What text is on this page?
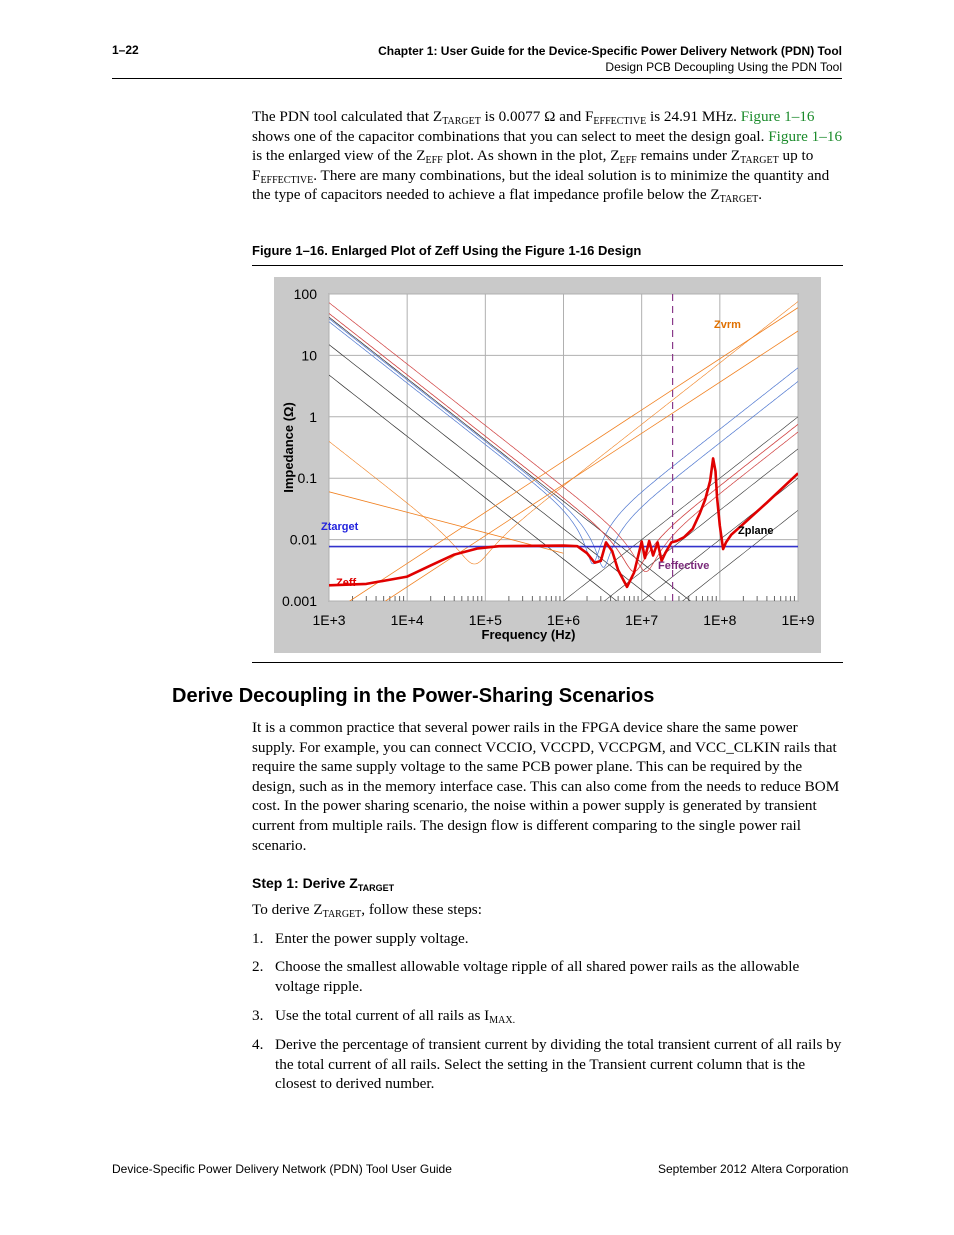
1–22	Chapter 1: User Guide for the Device-Specific Power Delivery Network (PDN) Tool
Design PCB Decoupling Using the PDN Tool
The PDN tool calculated that $Z_{TARGET}$ is 0.0077 Ω and $F_{EFFECTIVE}$ is 24.91 MHz. Figure 1–16 shows one of the capacitor combinations that you can select to meet the design goal. Figure 1–16 is the enlarged view of the $Z_{EFF}$ plot. As shown in the plot, $Z_{EFF}$ remains under $Z_{TARGET}$ up to $F_{EFFECTIVE}$. There are many combinations, but the ideal solution is to minimize the quantity and the type of capacitors needed to achieve a flat impedance profile below the $Z_{TARGET}$.
Figure 1–16. Enlarged Plot of Zeff Using the Figure 1-16 Design
1E+3	1E+4	1E+5	1E+6	1E+7	1E+8	1E+9
100
10
1
0.1
0.01
0.001
Frequency (Hz)
Impedance (Ω)
Zvrm
Ztarget	Zplane
Zeff
Feffective
Derive Decoupling in the Power-Sharing Scenarios
It is a common practice that several power rails in the FPGA device share the same power supply. For example, you can connect VCCIO, VCCPD, VCCPGM, and VCC_CLKIN rails that require the same supply voltage to the same PCB power plane. This can be required by the design, such as in the memory interface case. This can also come from the needs to reduce BOM cost. In the power sharing scenario, the noise within a power supply is generated by transient current from multiple rails. The design flow is different comparing to the single power rail scenario.
Step 1: Derive $Z_{TARGET}$
To derive $Z_{TARGET}$, follow these steps:
1. Enter the power supply voltage.
2. Choose the smallest allowable voltage ripple of all shared power rails as the allowable voltage ripple.
3. Use the total current of all rails as $I_{MAX.}$
4. Derive the percentage of transient current by dividing the total transient current of all rails by the total current of all rails. Select the setting in the Transient current column that is the closest to derived number.
Device-Specific Power Delivery Network (PDN) Tool User Guide	September 2012 Altera Corporation
